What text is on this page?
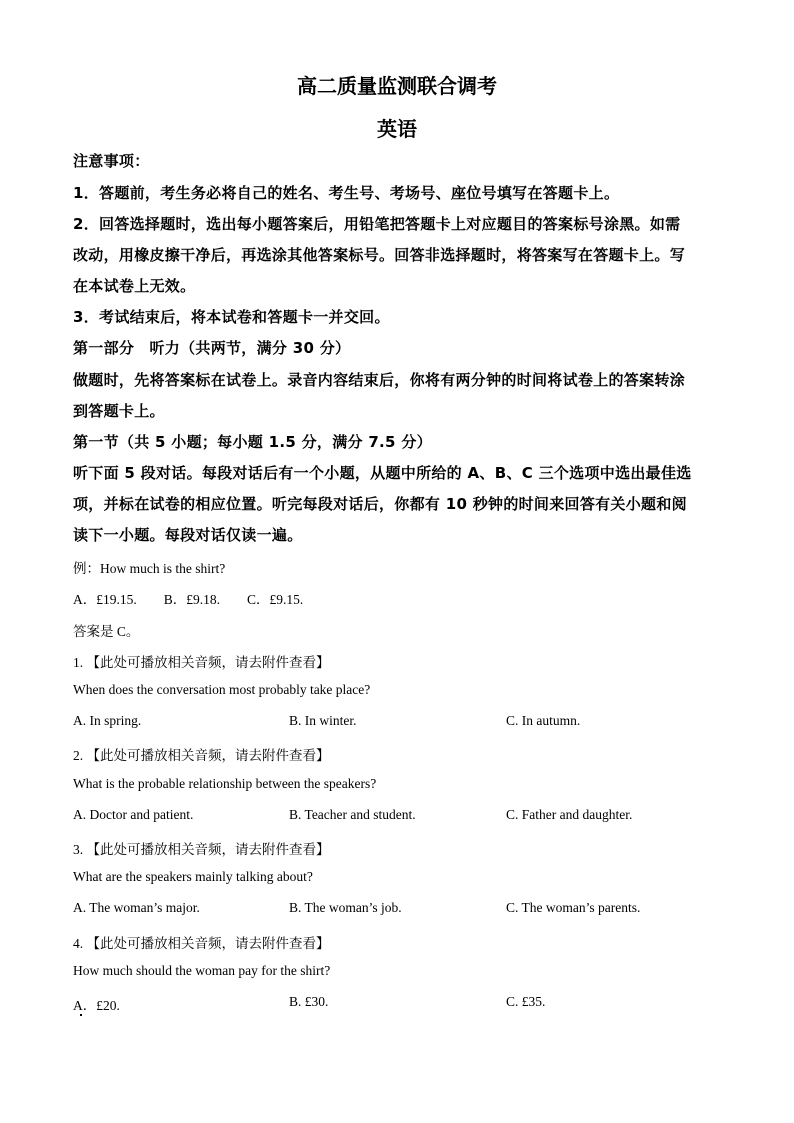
高二质量监测联合调考
英语
注意事项：
1．答题前，考生务必将自己的姓名、考生号、考场号、座位号填写在答题卡上。
2．回答选择题时，选出每小题答案后，用铅笔把答题卡上对应题目的答案标号涂黑。如需
改动，用橡皮擦干净后，再选涂其他答案标号。回答非选择题时，将答案写在答题卡上。写
在本试卷上无效。
3．考试结束后，将本试卷和答题卡一并交回。
第一部分　听力（共两节，满分 30 分）
做题时，先将答案标在试卷上。录音内容结束后，你将有两分钟的时间将试卷上的答案转涂
到答题卡上。
第一节（共 5 小题；每小题 1.5 分，满分 7.5 分）
听下面 5 段对话。每段对话后有一个小题，从题中所给的 A、B、C 三个选项中选出最佳选
项，并标在试卷的相应位置。听完每段对话后，你都有 10 秒钟的时间来回答有关小题和阅
读下一小题。每段对话仅读一遍。
例：How much is the shirt?
A．£19.15.　　B．£9.18.　　C．£9.15.
答案是 C。
1. 【此处可播放相关音频，请去附件查看】
When does the conversation most probably take place?
A. In spring.	B. In winter.	C. In autumn.
2. 【此处可播放相关音频，请去附件查看】
What is the probable relationship between the speakers?
A. Doctor and patient.	B. Teacher and student.	C. Father and daughter.
3. 【此处可播放相关音频，请去附件查看】
What are the speakers mainly talking about?
A. The woman’s major.	B. The woman’s job.	C. The woman’s parents.
4. 【此处可播放相关音频，请去附件查看】
How much should the woman pay for the shirt?
A．£20.	B. £30.	C. £35.
